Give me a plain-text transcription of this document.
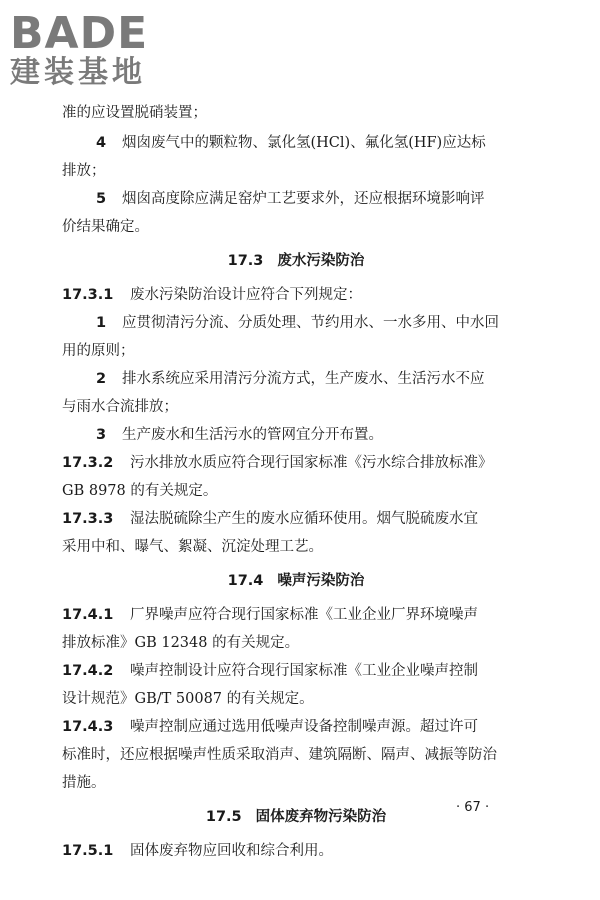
BADE
建装基地
准的应设置脱硝装置；
4 烟囱废气中的颗粒物、氯化氢(HCl)、氟化氢(HF)应达标
排放；
5 烟囱高度除应满足窑炉工艺要求外，还应根据环境影响评
价结果确定。
17.3 废水污染防治
17.3.1 废水污染防治设计应符合下列规定：
1 应贯彻清污分流、分质处理、节约用水、一水多用、中水回
用的原则；
2 排水系统应采用清污分流方式，生产废水、生活污水不应
与雨水合流排放；
3 生产废水和生活污水的管网宜分开布置。
17.3.2 污水排放水质应符合现行国家标准《污水综合排放标准》
GB 8978 的有关规定。
17.3.3 湿法脱硫除尘产生的废水应循环使用。烟气脱硫废水宜
采用中和、曝气、絮凝、沉淀处理工艺。
17.4 噪声污染防治
17.4.1 厂界噪声应符合现行国家标准《工业企业厂界环境噪声
排放标准》GB 12348 的有关规定。
17.4.2 噪声控制设计应符合现行国家标准《工业企业噪声控制
设计规范》GB/T 50087 的有关规定。
17.4.3 噪声控制应通过选用低噪声设备控制噪声源。超过许可
标准时，还应根据噪声性质采取消声、建筑隔断、隔声、减振等防治
措施。
17.5 固体废弃物污染防治
17.5.1 固体废弃物应回收和综合利用。
· 67 ·
